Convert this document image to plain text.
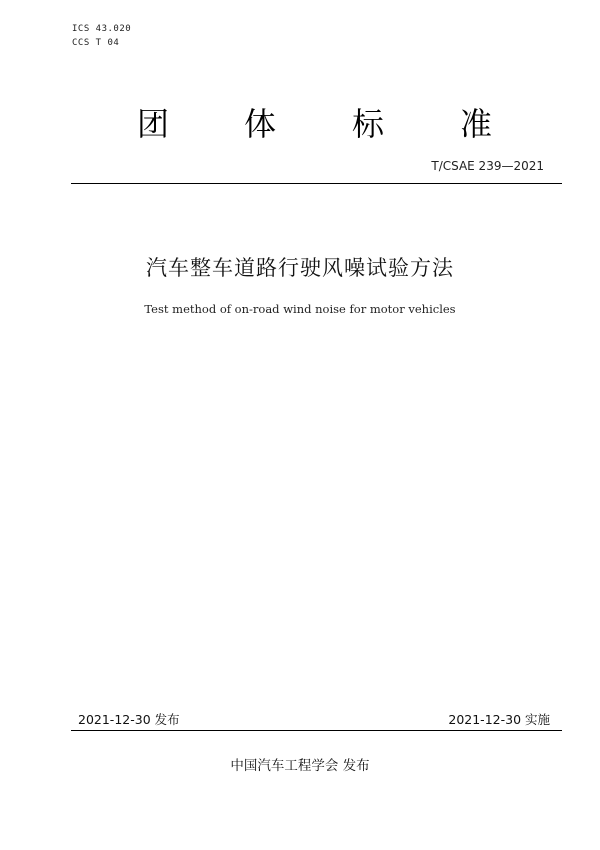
ICS 43.020
CCS T 04
团 体 标 准
T/CSAE 239—2021
汽车整车道路行驶风噪试验方法
Test method of on-road wind noise for motor vehicles
2021-12-30 发布	2021-12-30 实施
中国汽车工程学会 发布
